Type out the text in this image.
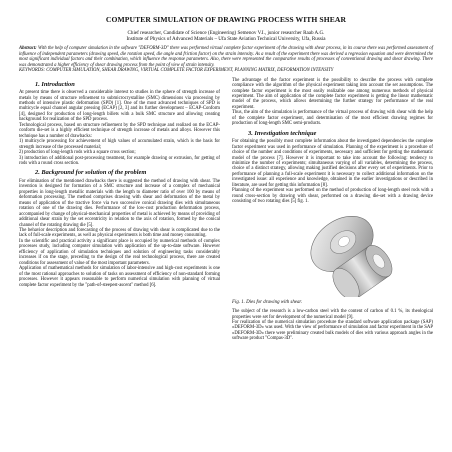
COMPUTER SIMULATION OF DRAWING PROCESS WITH SHEAR
Chief researcher, Candidate of Science (Engineering) Semenov V.I., junior researcher Raab A.G.
Institute of Physics of Advanced Materials – Ufa State Aviation Technical University, Ufa, Russia
Abstract: With the help of computer simulation in the software "DEFORM-3D" there was performed virtual complete factor experiment of the drawing with shear process, in its course there was performed assessment of influence of independent parameters (drawing speed, die rotation speed, die angle and friction factor) on the strain intensity. As a result of the experiment there was derived a regression equation and were determined the most significant individual factors and their combination, which influence the response parameters. Also, there were represented the comparative results of processes of conventional drawing and shear drawing. There was demonstrated a higher efficiency of shear drawing process from the point of view of strain intensity.
KEYWORDS: COMPUTER SIMULATION, SHEAR DRAWING, VIRTUAL COMPLETE FACTOR EXPERIMENT, PLANNING MATRIX, DEFORMATION INTENSITY
1. Introduction

At present time there is observed a considerable interest to studies in the sphere of strength increase of metals by means of structure refinement to submicrocrystalline (SMC) dimensions via processing by methods of intensive plastic deformation (SPD) [1]. One of the most advanced techniques of SPD is multicycle equal channel angular pressing (ECAP) [2, 3] and its further development – ECAP-Conform [4], designed for production of long-length billets with a bulk SMC structure and allowing creating background for realization of the SPD process.

Technological process, based on structure refinement by the SPD technique and realized on the ECAP-conform die-set is a highly efficient technique of strength increase of metals and alloys. However this technique has a number of drawbacks:

1) multicycle processing for achievement of high values of accumulated strain, which is the basis for strength increase of the processed material;

2) production of long-length rods with a square cross section;

3) introduction of additional post-processing treatment, for example drawing or extrusion, for getting of rods with a round cross section.

2. Background for solution of the problem

For elimination of the mentioned drawbacks there is suggested the method of drawing with shear. The invention is designed for formation of a SMC structure and increase of a complex of mechanical properties in long-length metallic materials with the length to diameter ratio of over 100 by means of deformation processing. The method comprises drawing with shear and deformation of the metal by means of application of the tractive force via two successive conical drawing dies with simultaneous rotation of one of the drawing dies. Performance of the low-cost production deformation process, accompanied by change of physical-mechanical properties of metal is achieved by means of providing of additional shear strain by the set eccentricity in relation to the axis of rotation, formed by the conical channel of the rotating drawing die [5].

The behavior description and forecasting of the process of drawing with shear is complicated due to the lack of full-scale experiments, as well as physical experiments is both time and money consuming.

In the scientific and practical activity a significant place is occupied by numerical methods of complex processes study, including computer simulation with application of the up-to-date software. However efficiency of application of simulation techniques and solution of engineering tasks considerably increases if on the stage, preceding to the design of the real technological process, there are created conditions for assessment of value of the most important parameters.

Application of mathematical methods for simulation of labor-intensive and high-cost experiments is one of the most rational approaches to solution of tasks on assessment of efficiency of non-standard forming processes. However it appears reasonable to perform numerical simulation with planning of virtual complete factor experiment by the "path-of-steepest-ascent" method [6].

The advantage of the factor experiment is the possibility to describe the process with complete compliance with the algorithm of the physical experiment taking into account the set assumptions. The complete factor experiment is the most easily realizable one among numerous methods of physical experiment. The aim of application of the complete factor experiment is getting the linear mathematic model of the process, which allows determining the further strategy for performance of the real experiment.

Thus, the aim of the simulation is performance of the virtual process of drawing with shear with the help of the complete factor experiment, and determination of the most efficient drawing regimes for production of long-length SMC semi-products.

3. Investigation technique

For obtaining the possibly most complete information about the investigated dependencies the complete factor experiment was used in performance of simulation. Planning of the experiment is a procedure of choice of the number and conditions of experiments, necessary and sufficient for getting the mathematic model of the process [7]. However it is important to take into account the following: tendency to minimize the number of experiments; simultaneous varying of all variables, determining the process, choice of a distinct strategy, allowing making justified decisions after every set of experiments. Prior to performance of planning a full-scale experiment it is necessary to collect additional information on the investigated issue: all experience and knowledge, obtained in the earlier investigations or described in literature, are used for getting this information [8].

Planning of the experiment was performed on the method of production of long-length steel rods with a round cross-section by drawing with shear, performed on a drawing die-set with a drawing device consisting of two rotating dies [5] fig. 1.

Fig. 1. Dies for drawing with shear.

The subject of the research is a low-carbon steel with the content of carbon of 0.1 %, its rheological properties were set for development of the numerical model [9].

For realization of the numerical simulation procedure the standard software application package (SAP) «DEFORM-3D» was used. With the view of performance of simulation and factor experiment in the SAP «DEFORM-3D» there were preliminary created bulk models of dies with various approach angles in the software product "Compas-3D".
